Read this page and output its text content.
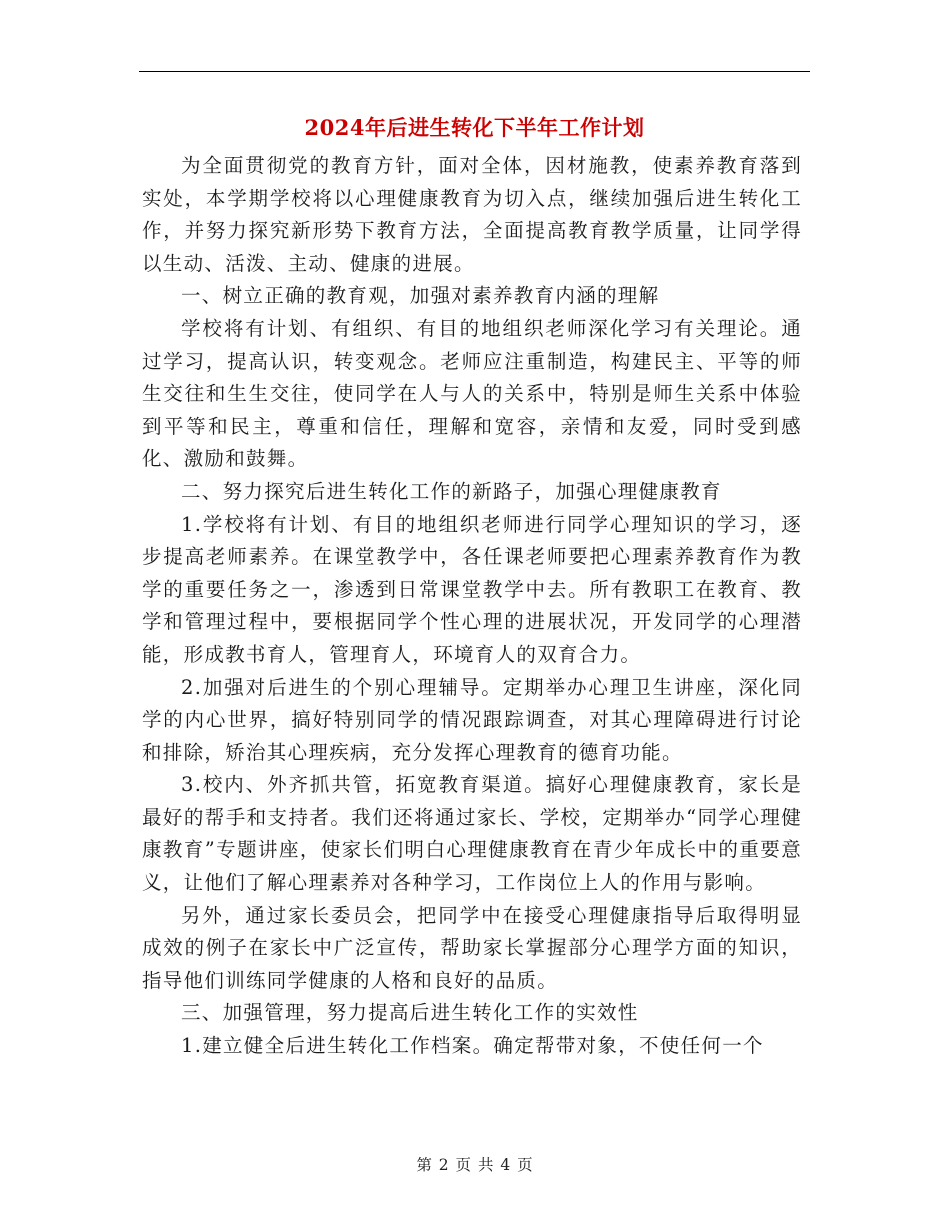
2024年后进生转化下半年工作计划

为全面贯彻党的教育方针，面对全体，因材施教，使素养教育落到实处，本学期学校将以心理健康教育为切入点，继续加强后进生转化工作，并努力探究新形势下教育方法，全面提高教育教学质量，让同学得以生动、活泼、主动、健康的进展。

一、树立正确的教育观，加强对素养教育内涵的理解

学校将有计划、有组织、有目的地组织老师深化学习有关理论。通过学习，提高认识，转变观念。老师应注重制造，构建民主、平等的师生交往和生生交往，使同学在人与人的关系中，特别是师生关系中体验到平等和民主，尊重和信任，理解和宽容，亲情和友爱，同时受到感化、激励和鼓舞。

二、努力探究后进生转化工作的新路子，加强心理健康教育

1.学校将有计划、有目的地组织老师进行同学心理知识的学习，逐步提高老师素养。在课堂教学中，各任课老师要把心理素养教育作为教学的重要任务之一，渗透到日常课堂教学中去。所有教职工在教育、教学和管理过程中，要根据同学个性心理的进展状况，开发同学的心理潜能，形成教书育人，管理育人，环境育人的双育合力。

2.加强对后进生的个别心理辅导。定期举办心理卫生讲座，深化同学的内心世界，搞好特别同学的情况跟踪调查，对其心理障碍进行讨论和排除，矫治其心理疾病，充分发挥心理教育的德育功能。

3.校内、外齐抓共管，拓宽教育渠道。搞好心理健康教育，家长是最好的帮手和支持者。我们还将通过家长、学校，定期举办“同学心理健康教育”专题讲座，使家长们明白心理健康教育在青少年成长中的重要意义，让他们了解心理素养对各种学习，工作岗位上人的作用与影响。

另外，通过家长委员会，把同学中在接受心理健康指导后取得明显成效的例子在家长中广泛宣传，帮助家长掌握部分心理学方面的知识，指导他们训练同学健康的人格和良好的品质。

三、加强管理，努力提高后进生转化工作的实效性

1.建立健全后进生转化工作档案。确定帮带对象，不使任何一个

第 2 页 共 4 页
